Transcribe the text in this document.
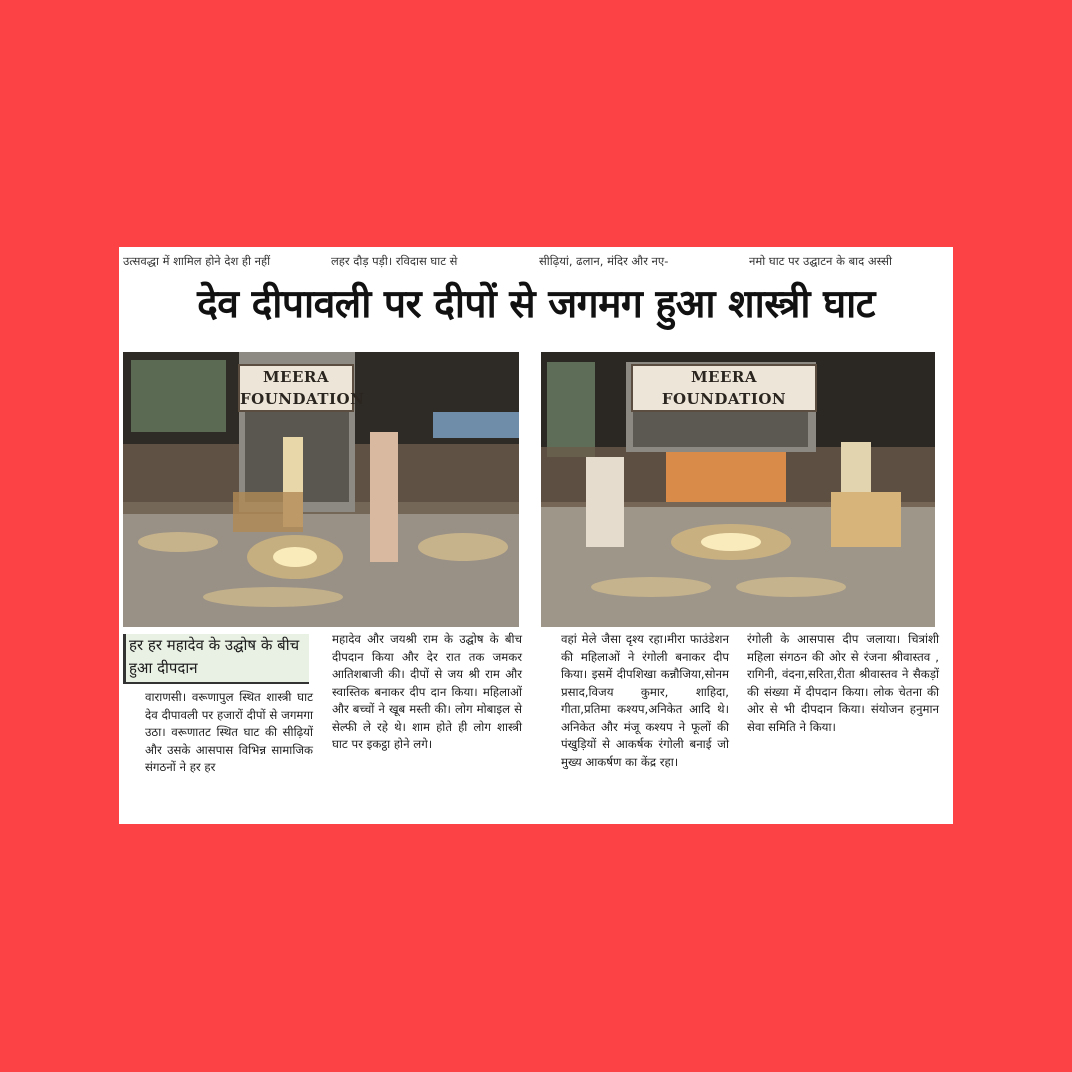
उत्सवद्धा में शामिल होने देश ही नहीं	लहर दौड़ पड़ी। रविदास घाट से	सीढ़ियां, ढलान, मंदिर और नए-	नमो घाट पर उद्घाटन के बाद अस्सी
देव दीपावली पर दीपों से जगमग हुआ शास्त्री घाट
MEERA FOUNDATION
MEERA FOUNDATION
हर हर महादेव के उद्घोष के बीच हुआ दीपदान

वाराणसी। वरूणापुल स्थित शास्त्री घाट देव दीपावली पर हजारों दीपों से जगमगा उठा। वरूणातट स्थित घाट की सीढ़ियों और उसके आसपास विभिन्न सामाजिक संगठनों ने हर हर

महादेव और जयश्री राम के उद्घोष के बीच दीपदान किया और देर रात तक जमकर आतिशबाजी की। दीपों से जय श्री राम और स्वास्तिक बनाकर दीप दान किया। महिलाओं और बच्चों ने खूब मस्ती की। लोग मोबाइल से सेल्फी ले रहे थे। शाम होते ही लोग शास्त्री घाट पर इकट्ठा होने लगे।

वहां मेले जैसा दृश्य रहा।मीरा फाउंडेशन की महिलाओं ने रंगोली बनाकर दीप किया। इसमें दीपशिखा कन्नौजिया,सोनम प्रसाद,विजय कुमार, शाहिदा, गीता,प्रतिमा कश्यप,अनिकेत आदि थे। अनिकेत और मंजू कश्यप ने फूलों की पंखुड़ियों से आकर्षक रंगोली बनाई जो मुख्य आकर्षण का केंद्र रहा।

रंगोली के आसपास दीप जलाया। चित्रांशी महिला संगठन की ओर से रंजना श्रीवास्तव , रागिनी, वंदना,सरिता,रीता श्रीवास्तव ने सैकड़ों की संख्या में दीपदान किया। लोक चेतना की ओर से भी दीपदान किया। संयोजन हनुमान सेवा समिति ने किया।
